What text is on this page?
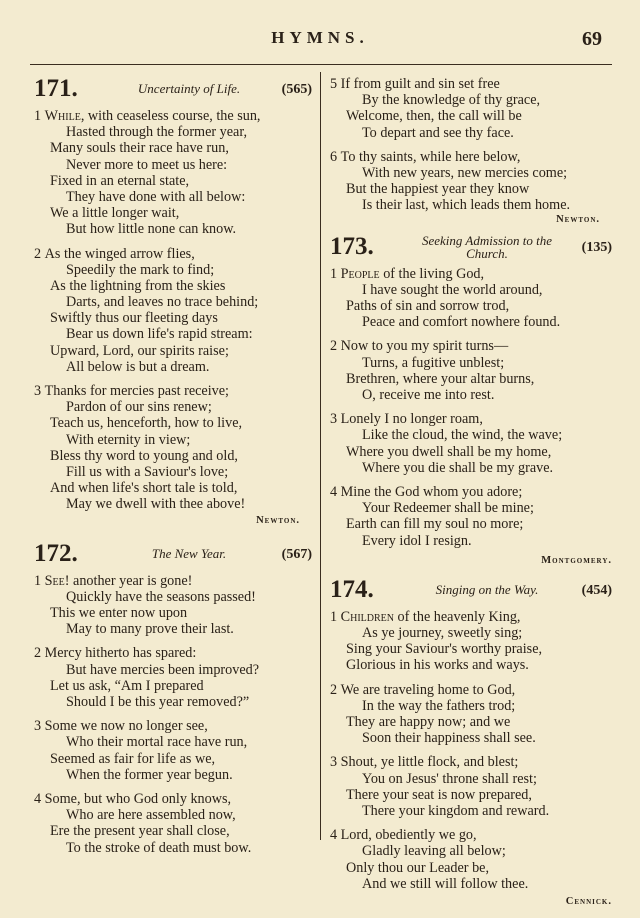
HYMNS.	69
171.	Uncertainty of Life.	(565)
1 While, with ceaseless course, the sun,
Hasted through the former year,
Many souls their race have run,
Never more to meet us here:
Fixed in an eternal state,
They have done with all below:
We a little longer wait,
But how little none can know.
2 As the winged arrow flies,
Speedily the mark to find;
As the lightning from the skies
Darts, and leaves no trace behind;
Swiftly thus our fleeting days
Bear us down life's rapid stream:
Upward, Lord, our spirits raise;
All below is but a dream.
3 Thanks for mercies past receive;
Pardon of our sins renew;
Teach us, henceforth, how to live,
With eternity in view;
Bless thy word to young and old,
Fill us with a Saviour's love;
And when life's short tale is told,
May we dwell with thee above!
Newton.
172.	The New Year.	(567)
1 See! another year is gone!
Quickly have the seasons passed!
This we enter now upon
May to many prove their last.
2 Mercy hitherto has spared:
But have mercies been improved?
Let us ask, “Am I prepared
Should I be this year removed?”
3 Some we now no longer see,
Who their mortal race have run,
Seemed as fair for life as we,
When the former year begun.
4 Some, but who God only knows,
Who are here assembled now,
Ere the present year shall close,
To the stroke of death must bow.
5 If from guilt and sin set free
By the knowledge of thy grace,
Welcome, then, the call will be
To depart and see thy face.
6 To thy saints, while here below,
With new years, new mercies come;
But the happiest year they know
Is their last, which leads them home.
Newton.
173.	Seeking Admission to the
Church.	(135)
1 People of the living God,
I have sought the world around,
Paths of sin and sorrow trod,
Peace and comfort nowhere found.
2 Now to you my spirit turns—
Turns, a fugitive unblest;
Brethren, where your altar burns,
O, receive me into rest.
3 Lonely I no longer roam,
Like the cloud, the wind, the wave;
Where you dwell shall be my home,
Where you die shall be my grave.
4 Mine the God whom you adore;
Your Redeemer shall be mine;
Earth can fill my soul no more;
Every idol I resign.
Montgomery.
174.	Singing on the Way.	(454)
1 Children of the heavenly King,
As ye journey, sweetly sing;
Sing your Saviour's worthy praise,
Glorious in his works and ways.
2 We are traveling home to God,
In the way the fathers trod;
They are happy now; and we
Soon their happiness shall see.
3 Shout, ye little flock, and blest;
You on Jesus' throne shall rest;
There your seat is now prepared,
There your kingdom and reward.
4 Lord, obediently we go,
Gladly leaving all below;
Only thou our Leader be,
And we still will follow thee.
Cennick.
